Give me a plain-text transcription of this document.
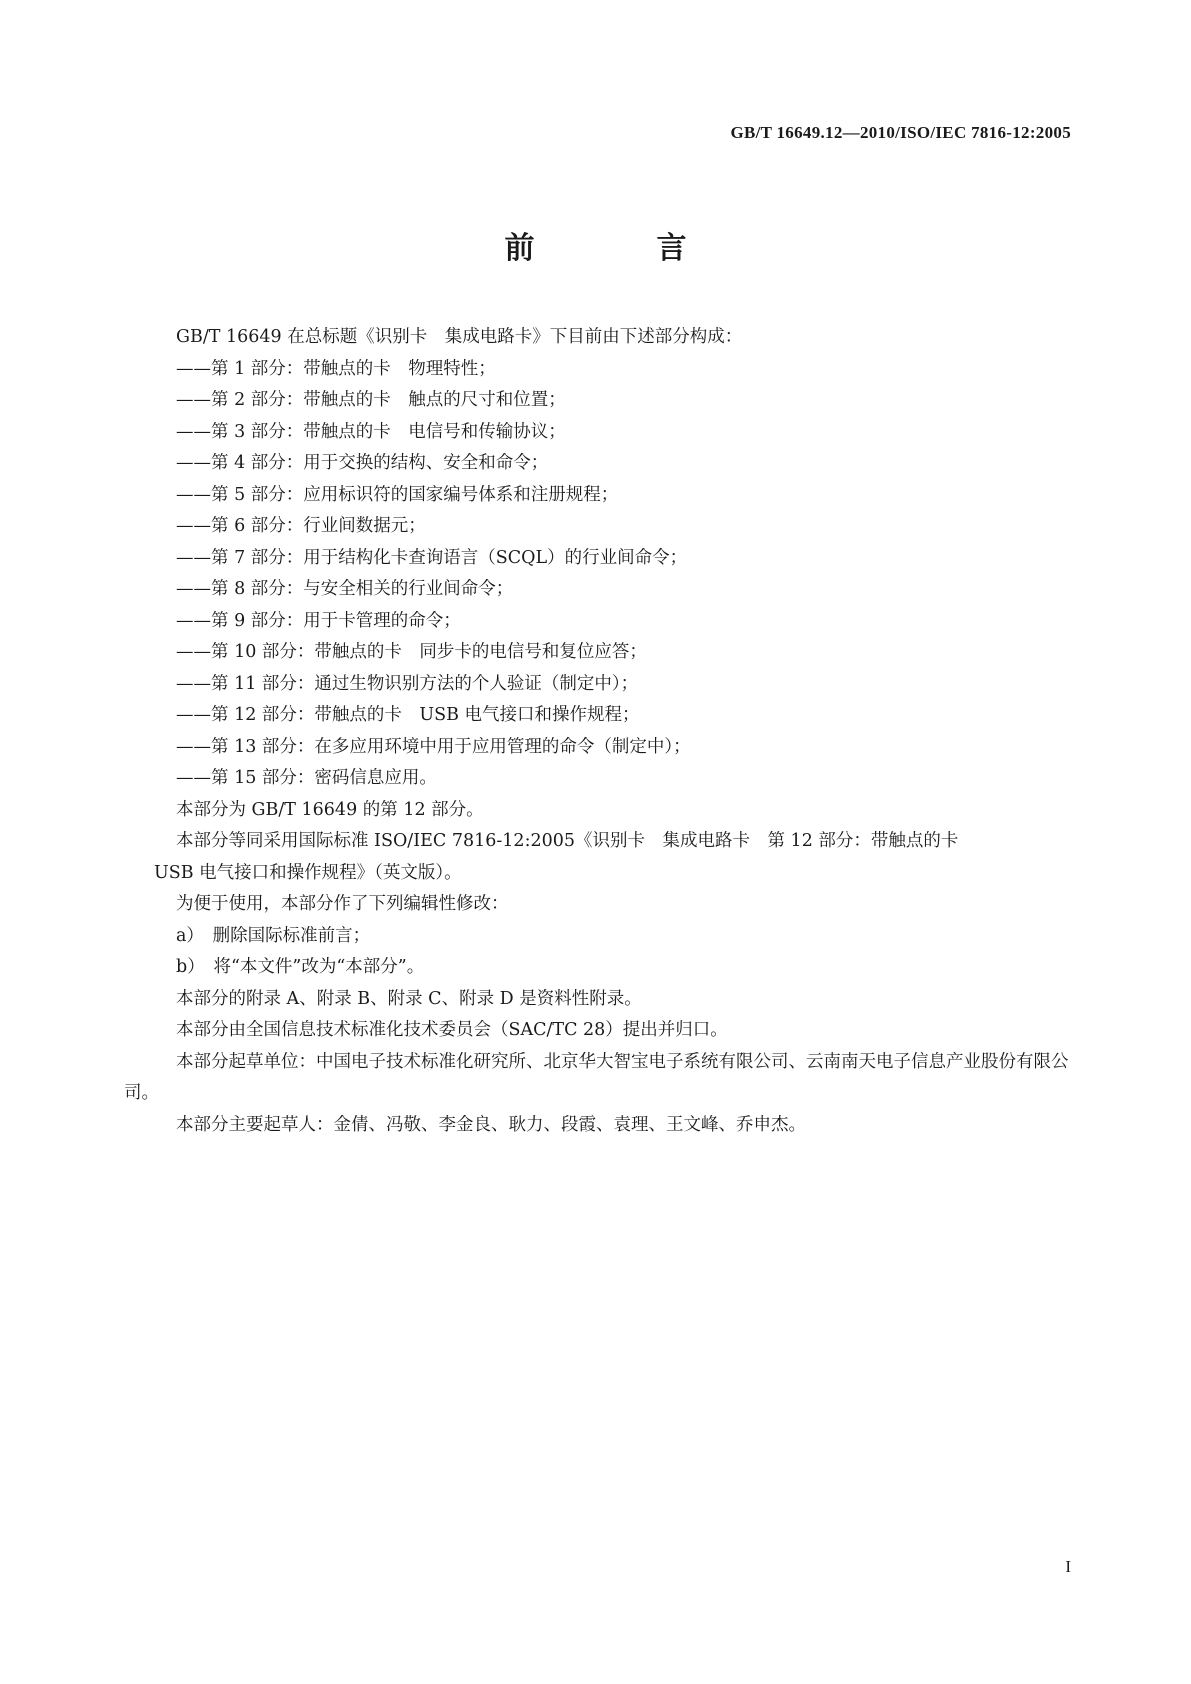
GB/T 16649.12—2010/ISO/IEC 7816-12:2005
前　言

GB/T 16649 在总标题《识别卡　集成电路卡》下目前由下述部分构成：

——第 1 部分：带触点的卡　物理特性；

——第 2 部分：带触点的卡　触点的尺寸和位置；

——第 3 部分：带触点的卡　电信号和传输协议；

——第 4 部分：用于交换的结构、安全和命令；

——第 5 部分：应用标识符的国家编号体系和注册规程；

——第 6 部分：行业间数据元；

——第 7 部分：用于结构化卡查询语言（SCQL）的行业间命令；

——第 8 部分：与安全相关的行业间命令；

——第 9 部分：用于卡管理的命令；

——第 10 部分：带触点的卡　同步卡的电信号和复位应答；

——第 11 部分：通过生物识别方法的个人验证（制定中）；

——第 12 部分：带触点的卡　USB 电气接口和操作规程；

——第 13 部分：在多应用环境中用于应用管理的命令（制定中）；

——第 15 部分：密码信息应用。

本部分为 GB/T 16649 的第 12 部分。

本部分等同采用国际标准 ISO/IEC 7816-12:2005《识别卡　集成电路卡　第 12 部分：带触点的卡

USB 电气接口和操作规程》（英文版）。

为便于使用，本部分作了下列编辑性修改：

a）　删除国际标准前言；

b）　将“本文件”改为“本部分”。

本部分的附录 A、附录 B、附录 C、附录 D 是资料性附录。

本部分由全国信息技术标准化技术委员会（SAC/TC 28）提出并归口。

本部分起草单位：中国电子技术标准化研究所、北京华大智宝电子系统有限公司、云南南天电子信息产业股份有限公司。

本部分主要起草人：金倩、冯敬、李金良、耿力、段霞、袁理、王文峰、乔申杰。

I
